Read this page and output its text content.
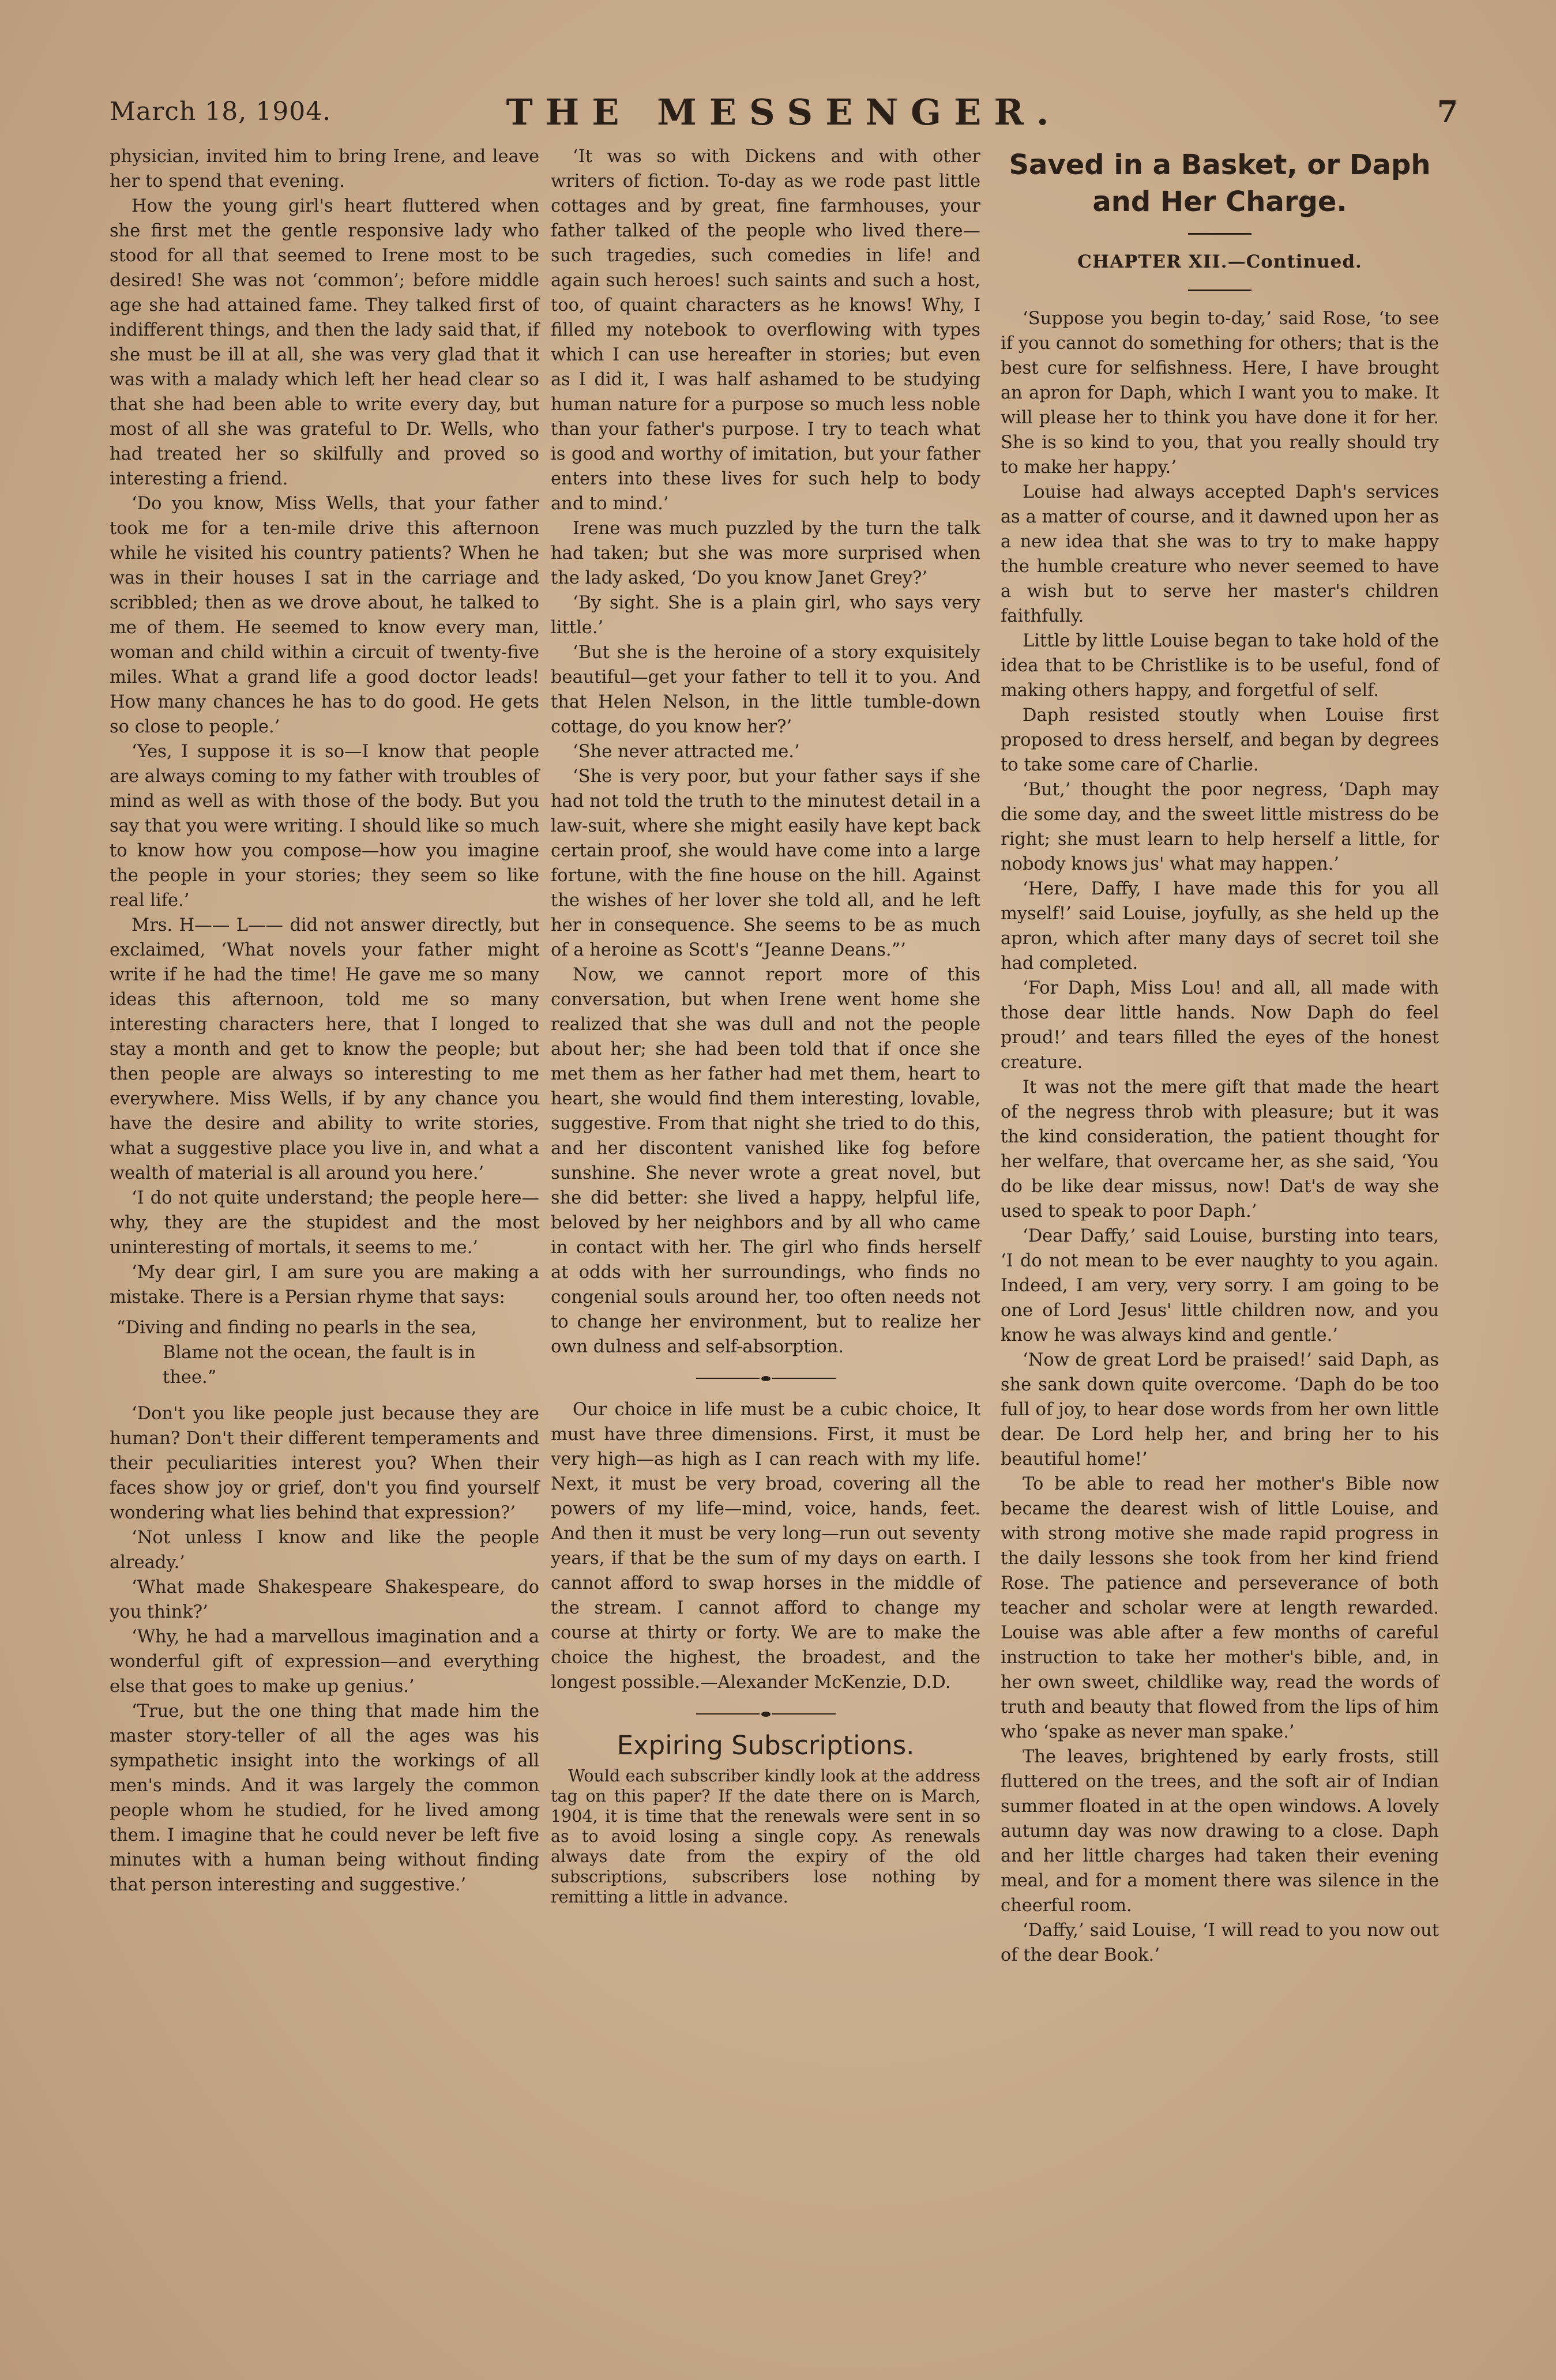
March 18, 1904.	THE MESSENGER.	7

physician, invited him to bring Irene, and leave her to spend that evening.

How the young girl's heart fluttered when she first met the gentle responsive lady who stood for all that seemed to Irene most to be desired! She was not ‘common’; before middle age she had attained fame. They talked first of indifferent things, and then the lady said that, if she must be ill at all, she was very glad that it was with a malady which left her head clear so that she had been able to write every day, but most of all she was grateful to Dr. Wells, who had treated her so skilfully and proved so interesting a friend.

‘Do you know, Miss Wells, that your father took me for a ten-mile drive this afternoon while he visited his country patients? When he was in their houses I sat in the carriage and scribbled; then as we drove about, he talked to me of them. He seemed to know every man, woman and child within a circuit of twenty-five miles. What a grand life a good doctor leads! How many chances he has to do good. He gets so close to people.’

‘Yes, I suppose it is so—I know that people are always coming to my father with troubles of mind as well as with those of the body. But you say that you were writing. I should like so much to know how you compose—how you imagine the people in your stories; they seem so like real life.’

Mrs. H—— L—— did not answer directly, but exclaimed, ‘What novels your father might write if he had the time! He gave me so many ideas this afternoon, told me so many interesting characters here, that I longed to stay a month and get to know the people; but then people are always so interesting to me everywhere. Miss Wells, if by any chance you have the desire and ability to write stories, what a suggestive place you live in, and what a wealth of material is all around you here.’

‘I do not quite understand; the people here—why, they are the stupidest and the most uninteresting of mortals, it seems to me.’

‘My dear girl, I am sure you are making a mistake. There is a Persian rhyme that says:

“Diving and finding no pearls in the sea,
Blame not the ocean, the fault is in
thee.”

‘Don't you like people just because they are human? Don't their different temperaments and their peculiarities interest you? When their faces show joy or grief, don't you find yourself wondering what lies behind that expression?’

‘Not unless I know and like the people already.’

‘What made Shakespeare Shakespeare, do you think?’

‘Why, he had a marvellous imagination and a wonderful gift of expression—and everything else that goes to make up genius.’

‘True, but the one thing that made him the master story-teller of all the ages was his sympathetic insight into the workings of all men's minds. And it was largely the common people whom he studied, for he lived among them. I imagine that he could never be left five minutes with a human being without finding that person interesting and suggestive.’

‘It was so with Dickens and with other writers of fiction. To-day as we rode past little cottages and by great, fine farmhouses, your father talked of the people who lived there—such tragedies, such comedies in life! and again such heroes! such saints and such a host, too, of quaint characters as he knows! Why, I filled my notebook to overflowing with types which I can use hereafter in stories; but even as I did it, I was half ashamed to be studying human nature for a purpose so much less noble than your father's purpose. I try to teach what is good and worthy of imitation, but your father enters into these lives for such help to body and to mind.’

Irene was much puzzled by the turn the talk had taken; but she was more surprised when the lady asked, ‘Do you know Janet Grey?’

‘By sight. She is a plain girl, who says very little.’

‘But she is the heroine of a story exquisitely beautiful—get your father to tell it to you. And that Helen Nelson, in the little tumble-down cottage, do you know her?’

‘She never attracted me.’

‘She is very poor, but your father says if she had not told the truth to the minutest detail in a law-suit, where she might easily have kept back certain proof, she would have come into a large fortune, with the fine house on the hill. Against the wishes of her lover she told all, and he left her in consequence. She seems to be as much of a heroine as Scott's “Jeanne Deans.”’

Now, we cannot report more of this conversation, but when Irene went home she realized that she was dull and not the people about her; she had been told that if once she met them as her father had met them, heart to heart, she would find them interesting, lovable, suggestive. From that night she tried to do this, and her discontent vanished like fog before sunshine. She never wrote a great novel, but she did better: she lived a happy, helpful life, beloved by her neighbors and by all who came in contact with her. The girl who finds herself at odds with her surroundings, who finds no congenial souls around her, too often needs not to change her environment, but to realize her own dulness and self-absorption.

Our choice in life must be a cubic choice, It must have three dimensions. First, it must be very high—as high as I can reach with my life. Next, it must be very broad, covering all the powers of my life—mind, voice, hands, feet. And then it must be very long—run out seventy years, if that be the sum of my days on earth. I cannot afford to swap horses in the middle of the stream. I cannot afford to change my course at thirty or forty. We are to make the choice the highest, the broadest, and the longest possible.—Alexander McKenzie, D.D.

Expiring Subscriptions.

Would each subscriber kindly look at the address tag on this paper? If the date there on is March, 1904, it is time that the renewals were sent in so as to avoid losing a single copy. As renewals always date from the expiry of the old subscriptions, subscribers lose nothing by remitting a little in advance.

Saved in a Basket, or Daph and Her Charge.
CHAPTER XII.—Continued.

‘Suppose you begin to-day,’ said Rose, ‘to see if you cannot do something for others; that is the best cure for selfishness. Here, I have brought an apron for Daph, which I want you to make. It will please her to think you have done it for her. She is so kind to you, that you really should try to make her happy.’

Louise had always accepted Daph's services as a matter of course, and it dawned upon her as a new idea that she was to try to make happy the humble creature who never seemed to have a wish but to serve her master's children faithfully.

Little by little Louise began to take hold of the idea that to be Christlike is to be useful, fond of making others happy, and forgetful of self.

Daph resisted stoutly when Louise first proposed to dress herself, and began by degrees to take some care of Charlie.

‘But,’ thought the poor negress, ‘Daph may die some day, and the sweet little mistress do be right; she must learn to help herself a little, for nobody knows jus' what may happen.’

‘Here, Daffy, I have made this for you all myself!’ said Louise, joyfully, as she held up the apron, which after many days of secret toil she had completed.

‘For Daph, Miss Lou! and all, all made with those dear little hands. Now Daph do feel proud!’ and tears filled the eyes of the honest creature.

It was not the mere gift that made the heart of the negress throb with pleasure; but it was the kind consideration, the patient thought for her welfare, that overcame her, as she said, ‘You do be like dear missus, now! Dat's de way she used to speak to poor Daph.’

‘Dear Daffy,’ said Louise, bursting into tears, ‘I do not mean to be ever naughty to you again. Indeed, I am very, very sorry. I am going to be one of Lord Jesus' little children now, and you know he was always kind and gentle.’

‘Now de great Lord be praised!’ said Daph, as she sank down quite overcome. ‘Daph do be too full of joy, to hear dose words from her own little dear. De Lord help her, and bring her to his beautiful home!’

To be able to read her mother's Bible now became the dearest wish of little Louise, and with strong motive she made rapid progress in the daily lessons she took from her kind friend Rose. The patience and perseverance of both teacher and scholar were at length rewarded. Louise was able after a few months of careful instruction to take her mother's bible, and, in her own sweet, childlike way, read the words of truth and beauty that flowed from the lips of him who ‘spake as never man spake.’

The leaves, brightened by early frosts, still fluttered on the trees, and the soft air of Indian summer floated in at the open windows. A lovely autumn day was now drawing to a close. Daph and her little charges had taken their evening meal, and for a moment there was silence in the cheerful room.

‘Daffy,’ said Louise, ‘I will read to you now out of the dear Book.’
